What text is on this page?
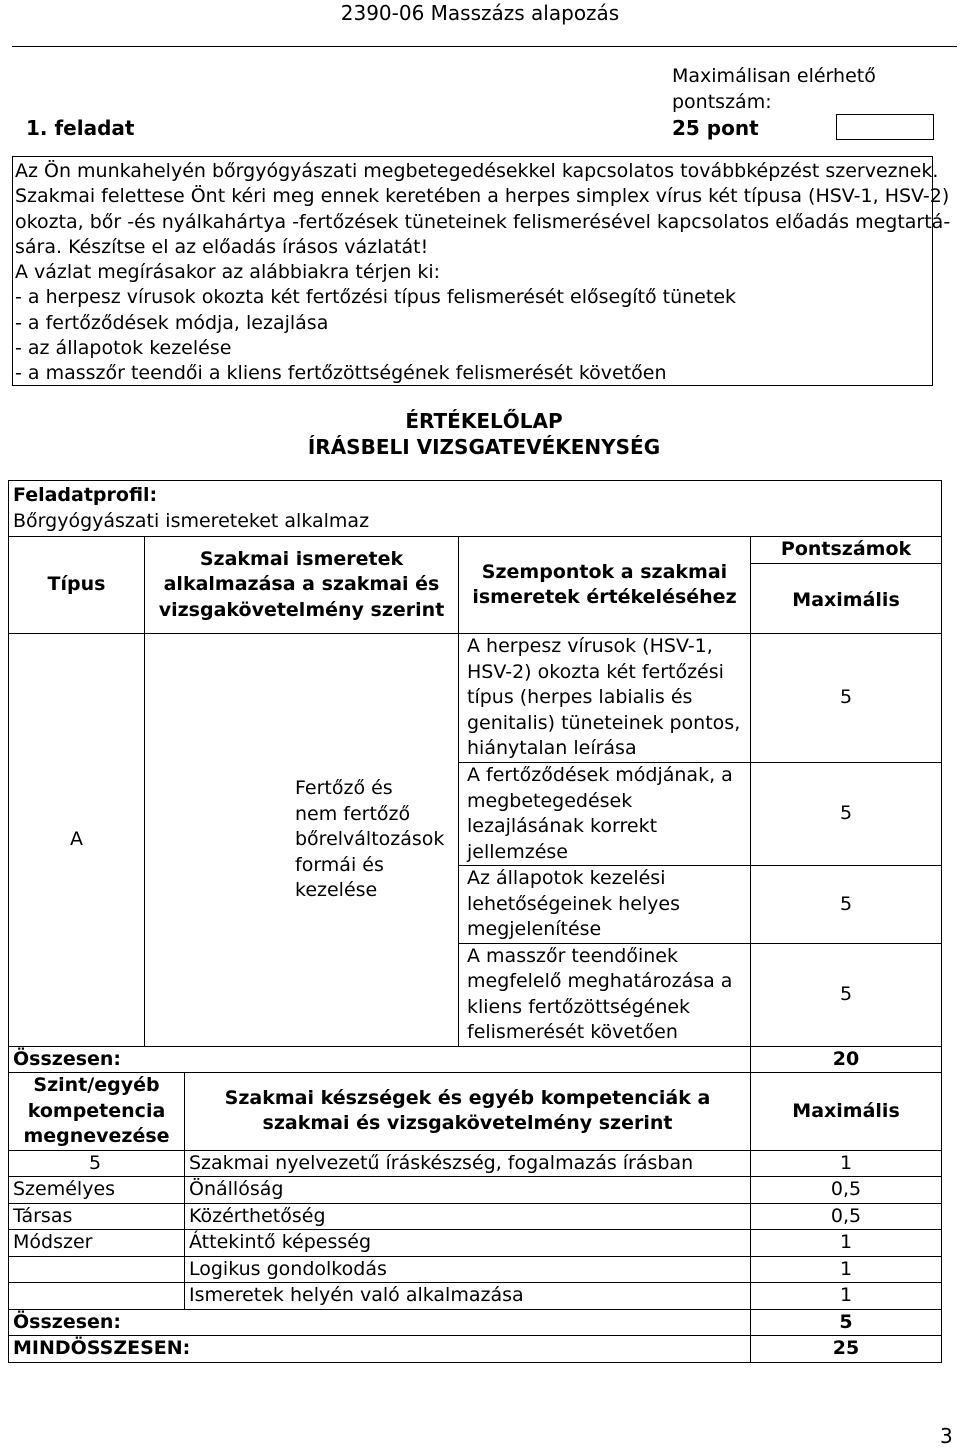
2390-06 Masszázs alapozás
1. feladat
Maximálisan elérhető
pontszám:
25 pont
Az Ön munkahelyén bőrgyógyászati megbetegedésekkel kapcsolatos továbbképzést szerveznek.
Szakmai felettese Önt kéri meg ennek keretében a herpes simplex vírus két típusa (HSV-1, HSV-2)
okozta, bőr -és nyálkahártya -fertőzések tüneteinek felismerésével kapcsolatos előadás megtartá-
sára. Készítse el az előadás írásos vázlatát!
A vázlat megírásakor az alábbiakra térjen ki:
- a herpesz vírusok okozta két fertőzési típus felismerését elősegítő tünetek
- a fertőződések módja, lezajlása
- az állapotok kezelése
- a masszőr teendői a kliens fertőzöttségének felismerését követően
ÉRTÉKELŐLAP
ÍRÁSBELI VIZSGATEVÉKENYSÉG
Feladatprofil:
Bőrgyógyászati ismereteket alkalmaz				

Típus	Szakmai ismeretek alkalmazása a szakmai és vizsgakövetelmény szerint		Szempontok a szakmai ismeretek értékeléséhez	Pontszámok
Maximális

A	Fertőző és nem fertőző bőrelváltozások formái és kezelése		A herpesz vírusok (HSV-1, HSV-2) okozta két fertőzési típus (herpes labialis és genitalis) tüneteinek pontos, hiánytalan leírása	5
			A fertőződések módjának, a megbetegedések lezajlásának korrekt jellemzése	5
			Az állapotok kezelési lehetőségeinek helyes megjelenítése	5
			A masszőr teendőinek megfelelő meghatározása a kliens fertőzöttségének felismerését követően	5
Összesen:				20
Szint/egyéb kompetencia megnevezése		Szakmai készségek és egyéb kompetenciák a szakmai és vizsgakövetelmény szerint		Maximális
5		Szakmai nyelvezetű íráskészség, fogalmazás írásban		1
Személyes		Önállóság		0,5
Társas		Közérthetőség		0,5
Módszer		Áttekintő képesség		1
		Logikus gondolkodás		1
		Ismeretek helyén való alkalmazása		1
Összesen:				5
MINDÖSSZESEN:				25
3
